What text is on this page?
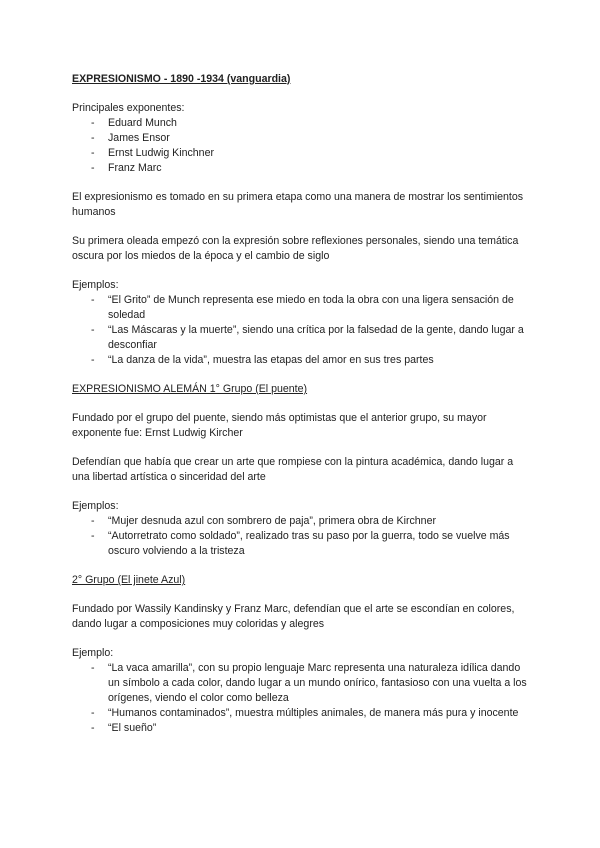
EXPRESIONISMO - 1890 -1934 (vanguardia)
Principales exponentes:
- Eduard Munch
- James Ensor
- Ernst Ludwig Kinchner
- Franz Marc

El expresionismo es tomado en su primera etapa como una manera de mostrar los sentimientos humanos

Su primera oleada empezó con la expresión sobre reflexiones personales, siendo una temática oscura por los miedos de la época y el cambio de siglo

Ejemplos:
- “El Grito” de Munch representa ese miedo en toda la obra con una ligera sensación de soledad
- “Las Máscaras y la muerte”, siendo una crítica por la falsedad de la gente, dando lugar a desconfiar
- “La danza de la vida”, muestra las etapas del amor en sus tres partes
EXPRESIONISMO ALEMÁN 1° Grupo (El puente)

Fundado por el grupo del puente, siendo más optimistas que el anterior grupo, su mayor exponente fue: Ernst Ludwig Kircher

Defendían que había que crear un arte que rompiese con la pintura académica, dando lugar a una libertad artística o sinceridad del arte

Ejemplos:
- “Mujer desnuda azul con sombrero de paja”, primera obra de Kirchner
- “Autorretrato como soldado”, realizado tras su paso por la guerra, todo se vuelve más oscuro volviendo a la tristeza
2° Grupo (El jinete Azul)

Fundado por Wassily Kandinsky y Franz Marc, defendían que el arte se escondían en colores, dando lugar a composiciones muy coloridas y alegres

Ejemplo:
- “La vaca amarilla”, con su propio lenguaje Marc representa una naturaleza idílica dando un símbolo a cada color, dando lugar a un mundo onírico, fantasioso con una vuelta a los orígenes, viendo el color como belleza
- “Humanos contaminados”, muestra múltiples animales, de manera más pura y inocente
- “El sueño”
